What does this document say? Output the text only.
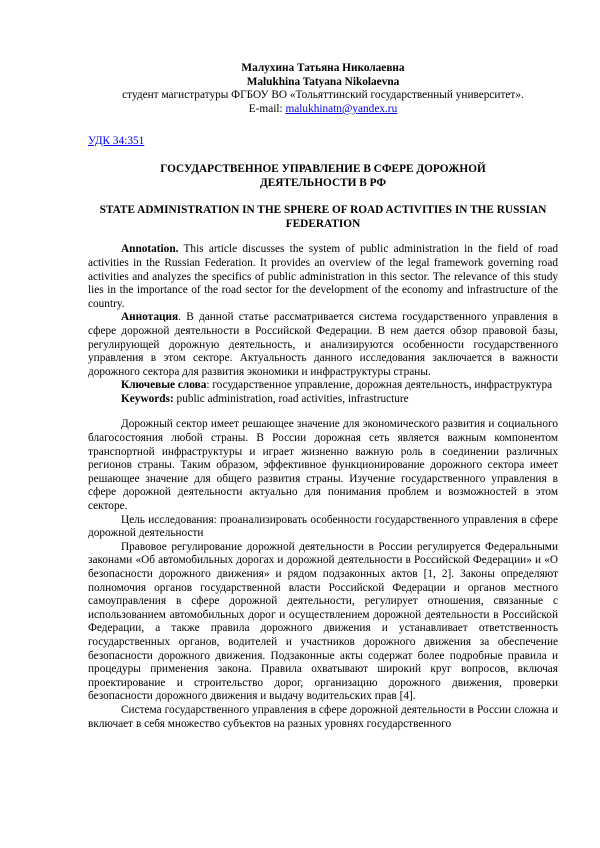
Малухина Татьяна Николаевна

Malukhina Tatyana Nikolaevna

студент магистратуры ФГБОУ ВО «Тольяттинский государственный университет».

E-mail: malukhinatn@yandex.ru

УДК 34:351

ГОСУДАРСТВЕННОЕ УПРАВЛЕНИЕ В СФЕРЕ ДОРОЖНОЙ ДЕЯТЕЛЬНОСТИ В РФ

STATE ADMINISTRATION IN THE SPHERE OF ROAD ACTIVITIES IN THE RUSSIAN FEDERATION

Annotation. This article discusses the system of public administration in the field of road activities in the Russian Federation. It provides an overview of the legal framework governing road activities and analyzes the specifics of public administration in this sector. The relevance of this study lies in the importance of the road sector for the development of the economy and infrastructure of the country.

Аннотация. В данной статье рассматривается система государственного управления в сфере дорожной деятельности в Российской Федерации. В нем дается обзор правовой базы, регулирующей дорожную деятельность, и анализируются особенности государственного управления в этом секторе. Актуальность данного исследования заключается в важности дорожного сектора для развития экономики и инфраструктуры страны.

Ключевые слова: государственное управление, дорожная деятельность, инфраструктура

Keywords: public administration, road activities, infrastructure

Дорожный сектор имеет решающее значение для экономического развития и социального благосостояния любой страны. В России дорожная сеть является важным компонентом транспортной инфраструктуры и играет жизненно важную роль в соединении различных регионов страны. Таким образом, эффективное функционирование дорожного сектора имеет решающее значение для общего развития страны. Изучение государственного управления в сфере дорожной деятельности актуально для понимания проблем и возможностей в этом секторе.

Цель исследования: проанализировать особенности государственного управления в сфере дорожной деятельности

Правовое регулирование дорожной деятельности в России регулируется Федеральными законами «Об автомобильных дорогах и дорожной деятельности в Российской Федерации» и «О безопасности дорожного движения» и рядом подзаконных актов [1, 2]. Законы определяют полномочия органов государственной власти Российской Федерации и органов местного самоуправления в сфере дорожной деятельности, регулирует отношения, связанные с использованием автомобильных дорог и осуществлением дорожной деятельности в Российской Федерации, а также правила дорожного движения и устанавливает ответственность государственных органов, водителей и участников дорожного движения за обеспечение безопасности дорожного движения. Подзаконные акты содержат более подробные правила и процедуры применения закона. Правила охватывают широкий круг вопросов, включая проектирование и строительство дорог, организацию дорожного движения, проверки безопасности дорожного движения и выдачу водительских прав [4].

Система государственного управления в сфере дорожной деятельности в России сложна и включает в себя множество субъектов на разных уровнях государственного
